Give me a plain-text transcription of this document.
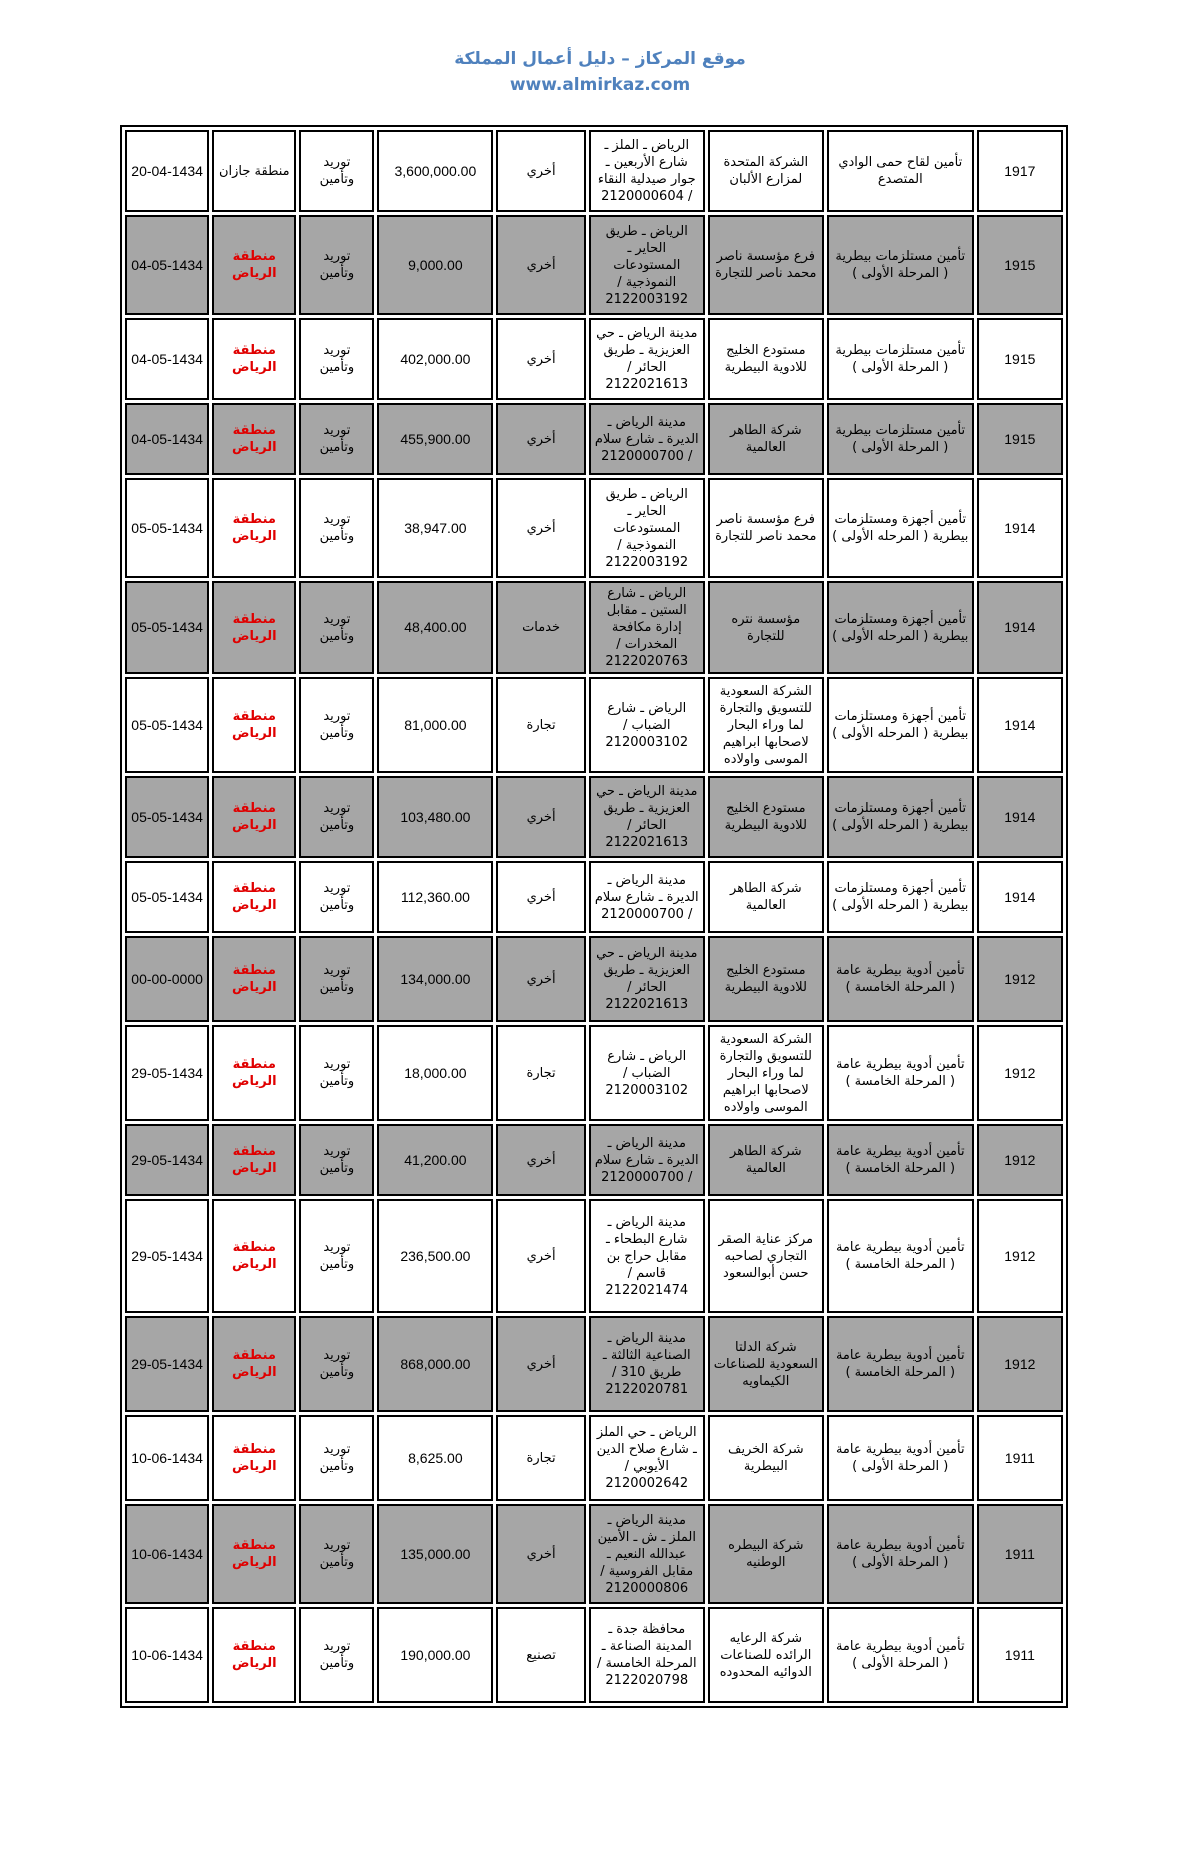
موقع المركاز – دليل أعمال المملكة
www.almirkaz.com
20-04-1434	منطقة جازان	توريد وتأمين	3,600,000.00	أخري	الرياض ـ الملز ـ شارع الأربعين ـ جوار صيدلية النقاء / 2120000604	الشركة المتحدة لمزارع الألبان	تأمين لقاح حمى الوادي المتصدع	1917
04-05-1434	منطقة الرياض	توريد وتأمين	9,000.00	أخري	الرياض ـ طريق الحاير ـ المستودعات النموذجية / 2122003192	فرع مؤسسة ناصر محمد ناصر للتجارة	تأمين مستلزمات بيطرية ( المرحلة الأولى )	1915
04-05-1434	منطقة الرياض	توريد وتأمين	402,000.00	أخري	مدينة الرياض ـ حي العزيزية ـ طريق الحائر / 2122021613	مستودع الخليج للادوية البيطرية	تأمين مستلزمات بيطرية ( المرحلة الأولى )	1915
04-05-1434	منطقة الرياض	توريد وتأمين	455,900.00	أخري	مدينة الرياض ـ الديرة ـ شارع سلام / 2120000700	شركة الطاهر العالمية	تأمين مستلزمات بيطرية ( المرحلة الأولى )	1915
05-05-1434	منطقة الرياض	توريد وتأمين	38,947.00	أخري	الرياض ـ طريق الحاير ـ المستودعات النموذجية / 2122003192	فرع مؤسسة ناصر محمد ناصر للتجارة	تأمين أجهزة ومستلزمات بيطرية ( المرحله الأولى )	1914
05-05-1434	منطقة الرياض	توريد وتأمين	48,400.00	خدمات	الرياض ـ شارع الستين ـ مقابل إدارة مكافحة المخدرات / 2122020763	مؤسسة نتره للتجارة	تأمين أجهزة ومستلزمات بيطرية ( المرحله الأولى )	1914
05-05-1434	منطقة الرياض	توريد وتأمين	81,000.00	تجارة	الرياض ـ شارع الضباب / 2120003102	الشركة السعودية للتسويق والتجارة لما وراء البحار لاصحابها ابراهيم الموسى واولاده	تأمين أجهزة ومستلزمات بيطرية ( المرحله الأولى )	1914
05-05-1434	منطقة الرياض	توريد وتأمين	103,480.00	أخري	مدينة الرياض ـ حي العزيزية ـ طريق الحائر / 2122021613	مستودع الخليج للادوية البيطرية	تأمين أجهزة ومستلزمات بيطرية ( المرحله الأولى )	1914
05-05-1434	منطقة الرياض	توريد وتأمين	112,360.00	أخري	مدينة الرياض ـ الديرة ـ شارع سلام / 2120000700	شركة الطاهر العالمية	تأمين أجهزة ومستلزمات بيطرية ( المرحله الأولى )	1914
00-00-0000	منطقة الرياض	توريد وتأمين	134,000.00	أخري	مدينة الرياض ـ حي العزيزية ـ طريق الحائر / 2122021613	مستودع الخليج للادوية البيطرية	تأمين أدوية بيطرية عامة ( المرحلة الخامسة )	1912
29-05-1434	منطقة الرياض	توريد وتأمين	18,000.00	تجارة	الرياض ـ شارع الضباب / 2120003102	الشركة السعودية للتسويق والتجارة لما وراء البحار لاصحابها ابراهيم الموسى واولاده	تأمين أدوية بيطرية عامة ( المرحلة الخامسة )	1912
29-05-1434	منطقة الرياض	توريد وتأمين	41,200.00	أخري	مدينة الرياض ـ الديرة ـ شارع سلام / 2120000700	شركة الطاهر العالمية	تأمين أدوية بيطرية عامة ( المرحلة الخامسة )	1912
29-05-1434	منطقة الرياض	توريد وتأمين	236,500.00	أخري	مدينة الرياض ـ شارع البطحاء ـ مقابل حراج بن قاسم / 2122021474	مركز عناية الصقر التجاري لصاحبه حسن أبوالسعود	تأمين أدوية بيطرية عامة ( المرحلة الخامسة )	1912
29-05-1434	منطقة الرياض	توريد وتأمين	868,000.00	أخري	مدينة الرياض ـ الصناعية الثالثة ـ طريق 310 / 2122020781	شركة الدلتا السعودية للصناعات الكيماويه	تأمين أدوية بيطرية عامة ( المرحلة الخامسة )	1912
10-06-1434	منطقة الرياض	توريد وتأمين	8,625.00	تجارة	الرياض ـ حي الملز ـ شارع صلاح الدين الأيوبي / 2120002642	شركة الخريف البيطرية	تأمين أدوية بيطرية عامة ( المرحلة الأولى )	1911
10-06-1434	منطقة الرياض	توريد وتأمين	135,000.00	أخري	مدينة الرياض ـ الملز ـ ش ـ الأمين عبدالله النعيم ـ مقابل الفروسية / 2120000806	شركة البيطره الوطنيه	تأمين أدوية بيطرية عامة ( المرحلة الأولى )	1911
10-06-1434	منطقة الرياض	توريد وتأمين	190,000.00	تصنيع	محافظة جدة ـ المدينة الصناعة ـ المرحلة الخامسة / 2122020798	شركة الرعايه الرائده للصناعات الدوائيه المحدوده	تأمين أدوية بيطرية عامة ( المرحلة الأولى )	1911
